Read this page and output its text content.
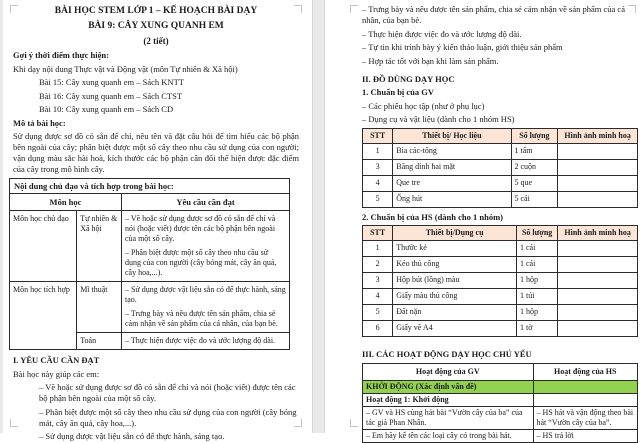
BÀI HỌC STEM LỚP 1 – KẾ HOẠCH BÀI DẠY
BÀI 9: CÂY XUNG QUANH EM
(2 tiết)
Gợi ý thời điểm thực hiện:
Khi dạy nội dung Thực vật và Động vật (môn Tự nhiên & Xã hội)
Bài 15: Cây xung quanh em – Sách KNTT
Bài 16: Cây xung quanh em – Sách CTST
Bài 10: Cây xung quanh em – Sách CD
Mô tả bài học:
Sử dụng được sơ đồ có sẵn để chỉ, nêu tên và đặt câu hỏi để tìm hiểu các bộ phận bên ngoài của cây; phân biệt được một số cây theo nhu cầu sử dụng của con người; vận dụng màu sắc hài hoà, kích thước các bộ phận cân đối thể hiện được đặc điểm của cây trong mô hình cây.
Nội dung chủ đạo và tích hợp trong bài học:		
Môn học		Yêu cầu cần đạt
Môn học chủ đạo	Tự nhiên & Xã hội	– Vẽ hoặc sử dụng được sơ đồ có sẵn để chỉ và nói (hoặc viết) được tên các bộ phận bên ngoài của một số cây.
– Phân biệt được một số cây theo nhu cầu sử dụng của con người (cây bóng mát, cây ăn quả, cây hoa,...).

Môn học tích hợp	Mĩ thuật	– Sử dụng được vật liệu sẵn có để thực hành, sáng tạo.
– Trưng bày và nêu được tên sản phẩm, chia sẻ cảm nhận về sản phẩm của cá nhân, của bạn bè.

	Toán	– Thực hiện được việc đo và ước lượng độ dài.
I. YÊU CẦU CẦN ĐẠT
Bài học này giúp các em:
– Vẽ hoặc sử dụng được sơ đồ có sẵn để chỉ và nói (hoặc viết) được tên các bộ phận bên ngoài của một số cây.
– Phân biệt được một số cây theo nhu cầu sử dụng của con người (cây bóng mát, cây ăn quả, cây hoa,...).
– Sử dụng được vật liệu sẵn có để thực hành, sáng tạo.
– Trưng bày và nêu được tên sản phẩm, chia sẻ cảm nhận về sản phẩm của cá nhân, của bạn bè.
– Thực hiện được việc đo và ước lượng độ dài.
– Tự tin khi trình bày ý kiến thảo luận, giới thiệu sản phẩm
– Hợp tác tốt với bạn khi làm sản phẩm.
II. ĐỒ DÙNG DẠY HỌC
1. Chuẩn bị của GV
– Các phiếu học tập (như ở phụ lục)
– Dụng cụ và vật liệu (dành cho 1 nhóm HS)
STT	Thiết bị/ Học liệu	Số lượng	Hình ảnh minh hoạ
1	Bìa các-tông	1 tấm	
3	Băng dính hai mặt	2 cuộn	
4	Que tre	5 que	
5	Ống hút	5 cái	
2. Chuẩn bị của HS (dành cho 1 nhóm)
STT	Thiết bị/Dụng cụ	Số lượng	Hình ảnh minh hoạ
1	Thước kẻ	1 cái	
2	Kéo thủ công	1 cái	
3	Hộp bút (lông) màu	1 hộp	
4	Giấy màu thủ công	1 túi	
5	Đất nặn	1 hộp	
6	Giấy vẽ A4	1 tờ	
III. CÁC HOẠT ĐỘNG DẠY HỌC CHỦ YẾU
Hoạt động của GV	Hoạt động của HS
KHỞI ĐỘNG (Xác định vấn đề)	
Hoạt động 1: Khởi động	
– GV và HS cùng hát bài “Vườn cây của ba” của tác giả Phan Nhân.	– HS hát và vận động theo bài hát “Vườn cây của ba”.
– Em hãy kể tên các loại cây có trong bài hát.	– HS trả lời
